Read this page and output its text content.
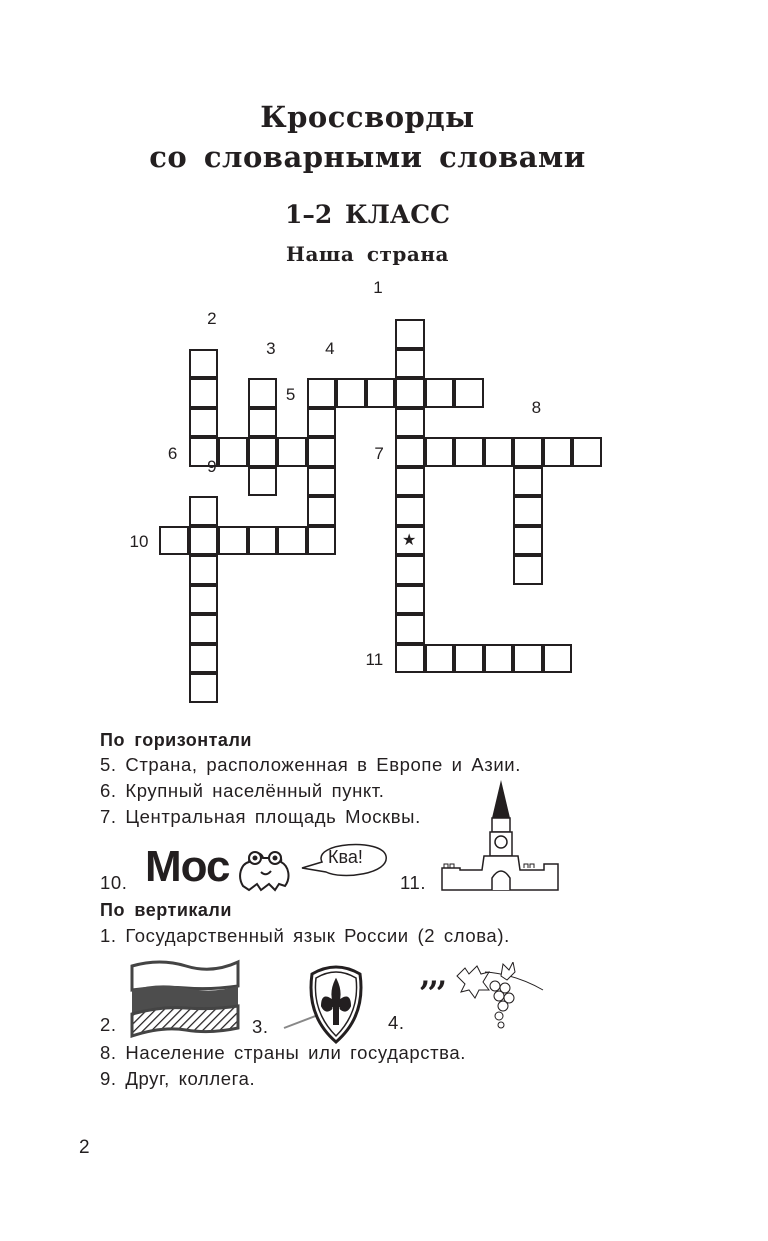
Кроссворды
со словарными словами
1–2 КЛАСС
Наша страна
★
1
2
3	4
5
6	7
8
9
10
11
По горизонтали
5. Страна, расположенная в Европе и Азии.
6. Крупный населённый пункт.
7. Центральная площадь Москвы.
10. Мос	Ква!
11.
По вертикали
1. Государственный язык России (2 слова).
2.	3.	4.
,,,
8. Население страны или государства.
9. Друг, коллега.
2
